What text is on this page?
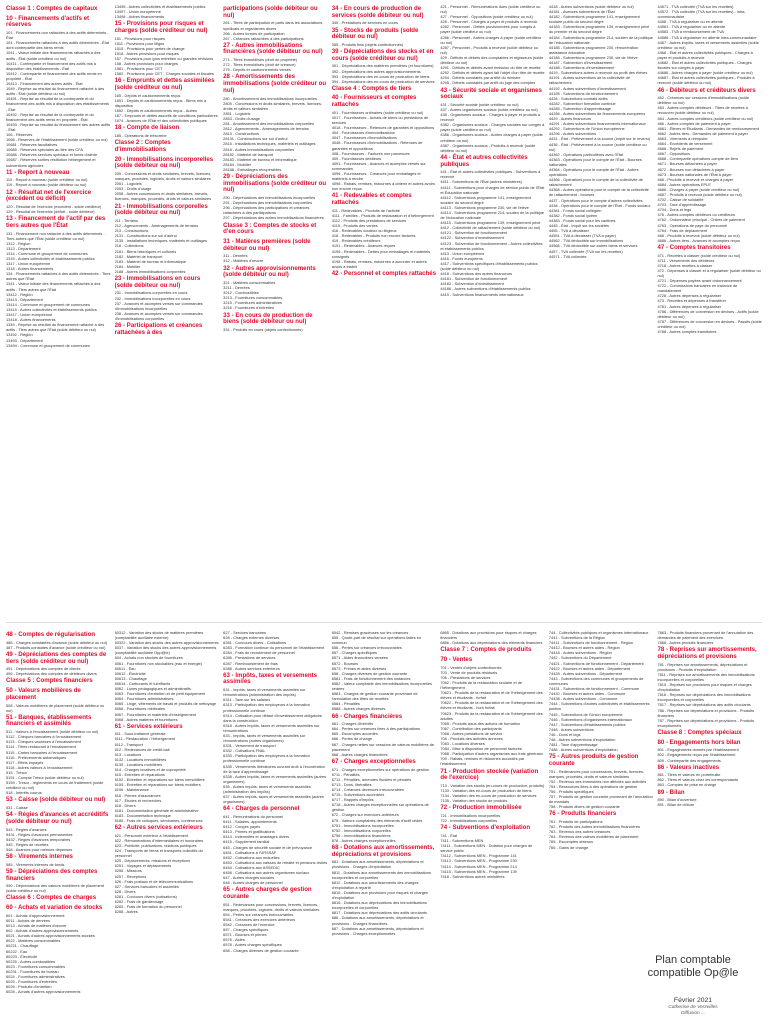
Classe 1 : Comptes de capitaux
10 - Financements d'actifs et réserves
101 - Financements non rattachés à des actifs déterminés - État
104 - Financements rattachés à des actifs déterminés - État dont contrepartie des biens remis
1041 - Valeur initiale des financements rattachés à des actifs - État (solde créditeur ou nul)
10411 - Contrepartie et financement des actifs mis à disposition des établissements - État
10412 - Contrepartie et financement des actifs remis en propriété - État
10413 - Financement des autres actifs - État
1049 - Reprise au résultat du financement rattaché à des actifs - État (solde débiteur ou nul)
10491 - Reprise au résultat de la contrepartie et du financement des actifs mis à disposition des établissements - État
10492 - Reprise au résultat de la contrepartie et du financement des actifs remis en propriété - État
10493 - Reprise au résultat du financement des autres actifs - État
106 - Réserves
1068 - Réserves de l'établissement (solde créditeur ou nul)
10681 - Réserves facultatives
10685 - Réserves spéciales au titre des CFA
10686 - Réserves services spéciaux et fonds d'alerte
10687 - Réserves sorties restitution hébergement et subventions agricoles
11 - Report à nouveau
110 - Report à nouveau (solde créditeur ou nul)
119 - Report à nouveau (solde débiteur ou nul)
12 - Résultat net de l'exercice (excédent ou déficit)
120 - Résultat de l'exercice (excédent - solde créditeur)
129 - Résultat de l'exercice (déficit - solde débiteur)
13 - Financement de l'actif par des tiers autres que l'État
131 - Financement non rattaché à des actifs déterminés - Tiers autres que l'État (solde créditeur ou nul)
1312 - Région
1313 - Département
1314 - Commune et groupement de communes
1315 - Autres collectivités et établissements publics
1317 - Union européenne
1318 - Autres financements
134 - Financements rattachés à des actifs déterminés - Tiers autres que l'État
1341 - Valeur initiale des financements rattachés à des actifs - Tiers autres que l'État
13412 - Région
13413 - Département
13414 - Commune et groupement de communes
13415 - Autres collectivités et établissements publics
13417 - Union européenne
13418 - Autres financements
1349 - Reprise au résultat du financement rattaché à des actifs - Tiers autres que l'État (solde débiteur ou nul)
13492 - Région
13493 - Département
13494 - Commune et groupement de communes
13495 - Autres collectivités et établissements publics
13497 - Union européenne
13498 - Autres financements
15 - Provisions pour risques et charges (solde créditeur ou nul)
151 - Provisions pour risques
1511 - Provisions pour litiges
1515 - Provisions pour pertes de change
1518 - Autres provisions pour risques
157 - Provisions pour gros entretien ou grandes révisions
158 - Autres provisions pour charges
1581 - Provisions pour CET
1582 - Provisions pour CET - Charges sociales et fiscales
16 - Emprunts et dettes assimilées (solde créditeur ou nul)
165 - Dépôts et cautionnements reçus
1651 - Dépôts et cautionnements reçus - Biens mis à disposition
1652 - Dépôts et cautionnements reçus - Autres
167 - Emprunts et dettes assortis de conditions particulières
1674 - Avances de l'État et des collectivités publiques
18 - Compte de liaison
185 - Opérations de trésorerie
Classe 2 : Comptes d'immobilisations
20 - Immobilisations incorporelles (solde débiteur ou nul)
205 - Concessions et droits similaires, brevets, licences, marques, procédés, logiciels, droits et valeurs similaires
2051 - Logiciels
2053 - Droits d'usage
2058 - Autres concessions et droits similaires, brevets, licences, marques, procédés, droits et valeurs similaires
21 - Immobilisations corporelles (solde débiteur ou nul)
211 - Terrains
212 - Agencements - Aménagements de terrains
213 - Constructions
2131 - Constructions sur sol d'autrui
2135 - Installations techniques, matériels et outillages
218 - Collections
2181 - Biens historiques et culturels
2182 - Matériel de transport
2183 - Matériel de bureau et informatique
2184 - Mobilier
2188 - Autres immobilisations corporelles
23 - Immobilisations en cours (solde débiteur ou nul)
231 - Immobilisations corporelles en cours
232 - Immobilisations incorporelles en cours
237 - Avances et acomptes versés sur commandes d'immobilisations incorporelles
238 - Avances et acomptes versés sur commandes d'immobilisations corporelles
26 - Participations et créances rattachées à des
participations (solde débiteur ou nul)
261 - Titres de participation et parts dans les associations, syndicats et organismes divers
266 - Autres formes de participation
267 - Créances rattachées à des participations
27 - Autres immobilisations financières (solde débiteur ou nul)
271 - Titres immobilisés (droit de propriété)
272 - Titres immobilisés (droit de créance)
275 - Dépôts et cautionnements versés
28 - Amortissements des immobilisations (solde créditeur ou nul)
280 - Amortissement des immobilisations incorporelles
2805 - Concessions et droits similaires, brevets, licences, droits et valeurs similaires
2851 - Logiciels
2853 - Droits d'usage
281 - Amortissement des immobilisations corporelles
2812 - Agencements - Aménagements de terrains
2813 - Constructions
28131 - Constructions sur sol d'autrui
2815 - Installations techniques, matériels et outillages
2818 - Autres immobilisations corporelles
28182 - Matériel de transport
28183 - Matériel de bureau et informatique
28184 - Mobilier
28188 - Emballages récupérables
29 - Dépréciations des immobilisations (solde créditeur ou nul)
290 - Dépréciations des immobilisations incorporelles
291 - Dépréciations des immobilisations corporelles
296 - Dépréciations des participations et créances rattachées à des participations
297 - Dépréciations des autres immobilisations financières
Classe 3 : Comptes de stocks et d'en cours
31 - Matières premières (solde débiteur ou nul)
311 - Denrées
312 - Matières d'œuvre
32 - Autres approvisionnements (solde débiteur ou nul)
321 - Matières consommables
3211 - Denrées
3212 - Combustibles
3213 - Fournitures consommables
3215 - Fournitures administratives
3216 - Fournitures d'entretien
33 - En cours de production de biens (solde débiteur ou nul)
331 - Produits en cours (objets confectionnés)
34 - En cours de production de services (solde débiteur ou nul)
345 - Prestations de services en cours
35 - Stocks de produits (solde débiteur ou nul)
355 - Produits finis (objets confectionnés)
39 - Dépréciations des stocks et en cours (solde créditeur ou nul)
391 - Dépréciations des matières premières (et fournitures)
392 - Dépréciations des autres approvisionnements
393 - Dépréciations des en-cours de production de biens
394 - Dépréciations des en-cours de production de services
Classe 4 : Comptes de tiers
40 - Fournisseurs et comptes rattachés
401 - Fournisseurs ordinaires (solde créditeur ou nul)
4017 - Fournisseurs - Achats de biens ou prestations de services
4018 - Fournisseurs - Retenues de garanties et oppositions
404 - Fournisseurs d'immobilisations
4047 - Fournisseurs d'immobilisations
4048 - Fournisseurs d'immobilisations - Retenues de garanties et oppositions
408 - Fournisseurs - Factures non parvenues
409 - Fournisseurs débiteurs
4091 - Fournisseurs - Avances et acomptes versés sur commandes
4096 - Fournisseurs - Créances pour emballages et matériels à rendre
4098 - Rabais, remises, ristournes à obtenir et autres avoirs non encore reçus
41 - Redevables et comptes rattachés
411 - Redevables - Produits de l'activité
4111 - Familles - Produits de restauration et d'hébergement
4112 - Produits des prestations de services
4115 - Produits des ventes
416 - Redevables douteux ou litigieux
418 - Redevables - Produits non encore facturés
419 - Redevables créditeurs
4191 - Redevables - Avances reçues
4196 - Redevables - Dettes pour emballages et matériels consignés
4198 - Rabais, remises, ristournes à accorder et autres avoirs à établir
42 - Personnel et comptes rattachés
421 - Personnel - Rémunérations dues (solde créditeur ou nul)
427 - Personnel - Oppositions (solde créditeur ou nul)
428 - Personnel - Charges à payer et produits à recevoir
4282 - Personnel - Dettes provisionnées pour congés à payer (solde créditeur ou nul)
4286 - Personnel - Autres charges à payer (solde créditeur ou nul)
4287 - Personnel - Produits à recevoir (solde débiteur ou nul)
429 - Déficits et débets des comptables et régisseurs (solde débiteur ou nul)
4291 - Déficits et débets avant émission du titre de recette
4292 - Déficits et débets ayant fait l'objet d'un titre de recette
4294 - Débets constatés par arrêté du ministre
4295 - Débets constatés par arrêt du juge des comptes
43 - Sécurité sociale et organismes sociaux
431 - Sécurité sociale (solde créditeur ou nul)
437 - Autres organismes sociaux (solde créditeur ou nul)
438 - Organismes sociaux - Charges à payer et produits à recevoir
4382 - Organismes sociaux - Charges sociales sur congés à payer (solde créditeur ou nul)
4386 - Organismes sociaux - Autres charges à payer (solde créditeur ou nul)
4387 - Organismes sociaux - Produits à recevoir (solde débiteur ou nul)
44 - État et autres collectivités publiques
441 - État et autres collectivités publiques - Subventions à recevoir
4411 - Subventions de l'État (autres ministères)
44111 - Subventions pour charges de service public de l'État et Éducation nationale
44112 - Subventions programme 141, enseignement scolaire du second degré
44113 - Subventions programme 230, vie de l'élève
44114 - Subventions programme 214, soutien de la politique de l'éducation nationale
44115 - Subventions programme 139, enseignement privé
4412 - Collectivité de rattachement (solde débiteur ou nul)
44121 - Subvention de fonctionnement
44122 - Subvention d'investissement
44123 - Subvention de fonctionnement - Autres collectivités et établissements publics
4413 - Union européenne
4416 - Fonds européens
4417 - Subventions spécifiques d'établissements publics (solde débiteur ou nul)
4418 - Subventions des autres financeurs
44181 - Subvention de fonctionnement
44182 - Subvention d'investissement
44186 - Autres subventions d'établissements publics
4419 - Subventions financements internationaux
4418 - Autres subventions (solde débiteur ou nul)
44181 - Avances subventions de l'État
44182 - Subventions programme 141, enseignement scolaire public du second degré
44183 - Subventions programme 139, enseignement privé du premier et du second degré
44184 - Subventions programme 214, soutien de la politique de l'éducation nationale
44185 - Subventions programme 230, rémunération assistance éducative
44186 - Subventions programme 230, vie de l'élève
44187 - Subvention d'investissement
44188 - Subventions d'investissement
4419 - Subventions autres à recevoir au profit des élèves
44191 - Autres subventions de la collectivité de rattachement
44192 - Autres subventions d'investissement
44195 - Subventions de fonctionnement
4428 - Subventions contrats aidés
44282 - Subvention formation continue
44285 - Subvention d'apprentissage
44286 - Autres subventions de financements européens
4429 - Autres financeurs
44291 - Autres subventions financements internationaux
44292 - Subventions de l'Union européenne
44296 - Autres subventions
4431 - État - Prélèvement à la source (impôt sur le revenu)
4436 - État - Prélèvement à la source (solde créditeur ou nul)
44362 - Opérations particulières avec l'État
44363 - Opérations pour le compte de l'État - Bourses nationales
44364 - Opérations pour le compte de l'État - Autres opérations
44366 - Opérations pour le compte de la collectivité de rattachement
44368 - Autres opérations pour le compte de la collectivité de rattachement - bourses
4437 - Opérations pour le compte d'autres collectivités
4438 - Opérations pour le compte de l'État - Fonds sociaux
44381 - Fonds social collégien
44382 - Fonds social lycéen
44383 - Fonds social pour les cantines
4445 - État - Impôt sur les sociétés
4455 - TVA à décaisser
44551 - TVA à décaisser (TVA à payer)
44562 - TVA déductible sur immobilisations
44566 - TVA déductible sur autres biens et services
4457 - TVA collectée (TVA sur les recettes)
44571 - TVA collectée
44571 - TVA collectée (TVA sur les recettes)
44572 - TVA collectée (TVA sur les recettes) - intra-communautaire
4458 - TVA à régulariser ou en attente
44581 - TVA à régulariser ou en attente
44583 - TVA à remboursement de TVA
44586 - TVA à régulariser en attente intra-communautaire
4467 - Autres impôts, taxes et versements assimilés (solde créditeur ou nul)
4468 - État et autres collectivités publiques - Charges à payer et produits à recevoir
44682 - État et autres collectivités publiques - Charges fiscales sur congés à payer
44686 - Autres charges à payer (solde créditeur ou nul)
44687 - État et autres collectivités publiques - Produits à recevoir (solde débiteur ou nul)
46 - Débiteurs et créditeurs divers
462 - Créances sur cessions d'immobilisations (solde débiteur ou nul)
463 - Autres comptes débiteurs - Titres de recettes à recouvrer (solde débiteur ou nul)
464 - Autres comptes créditeurs (solde créditeur ou nul)
466 - Autres comptes de paiement à payer
4661 - Élèves et Étudiants - Demandes de remboursement
4662 - Autres tiers - Demandes de paiement à payer
4663 - Virements à réimputer
4664 - Excédents de versement
4666 - Rejets de paiement
4667 - Oppositions
4668 - Contrepartie opérations compte de tiers
4671 - Bourses détachées à payer
4672 - Bourses non détachées à payer
4673 - Bourses nationales de l'État à payer
468 - Produits à recevoir et charges à payer
4684 - Autres opérations EPLE
4686 - Charges à payer (solde créditeur ou nul)
4687 - Produits à recevoir (solde débiteur ou nul)
4702 - Caisse de solidarité
4703 - Taxe d'apprentissage
4704 - Dons et legs
476 - Autres comptes débiteurs ou créditeurs
4762 - Ordonnateur principal - Ordres de paiement
4763 - Opérations de paye du personnel
4764 - Frais de déplacement
468 - Produits à recevoir (solde débiteur ou nul)
4686 - Autres tiers - Avances et acomptes reçus
47 - Comptes transitoires
471 - Recettes à classer (solde créditeur ou nul)
4711 - Versements des débiteurs
4718 - Autres recettes à classer
472 - Dépenses à classer et à régulariser (solde débiteur ou nul)
4721 - Dépenses payées avant ordonnancement
4722 - Commissions bancaires en instance de mandatement
4728 - Autres dépenses à régulariser
473 - Recettes et dépenses à transférer
4781 - Autres dépenses à régulariser
4786 - Différences de conversion en devises - Actifs (solde débiteur ou nul)
4787 - Différences de conversion en devises - Passifs (solde créditeur ou nul)
4788 - Autres comptes transitoires
48 - Comptes de régularisation
486 - Charges constatées d'avance (solde débiteur ou nul)
487 - Produits constatés d'avance (solde créditeur ou nul)
49 - Dépréciations des comptes de tiers (solde créditeur ou nul)
491 - Dépréciations des comptes de clients
496 - Dépréciations des comptes de débiteurs divers
Classe 5 : Comptes financiers
50 - Valeurs mobilières de placement
508 - Valeurs mobilières de placement (solde débiteur ou nul)
51 - Banques, établissements financiers et assimilés
511 - Valeurs à l'encaissement (solde débiteur ou nul)
5112 - Chèques bancaires à l'encaissement
5113 - Chèques vacances à l'encaissement
5114 - Titres restaurant à l'encaissement
5115 - Cartes bancaires à l'encaissement
5116 - Prélèvements automatiques
5117 - Effets impayés
5118 - Autres valeurs à l'encaissement
515 - Trésor
5151 - Compte Trésor (solde débiteur ou nul)
5159 - Trésor - règlements en cours de traitement (solde créditeur ou nul)
518 - Intérêts courus
53 - Caisse (solde débiteur ou nul)
531 - Caisse
54 - Régies d'avances et accréditifs (solde débiteur ou nul)
543 - Régies d'avances
5431 - Régies d'avances permanentes
5432 - Régies d'avances temporaires
545 - Régies de recettes
548 - Avances pour menues dépenses
58 - Virements internes
585 - Virements internes de fonds
59 - Dépréciations des comptes financiers
590 - Dépréciations des valeurs mobilières de placement (solde créditeur ou nul)
Classe 6 : Comptes de charges
60 - Achats et variation de stocks
601 - Achats d'approvisionnement
6011 - Achats de denrées
6013 - Achats de matières d'œuvre
602 - Achats d'autres approvisionnements
6021 - Achats d'autres approvisionnements stockés
6022 - Matières consommables
60221 - Chauffage
60222 - Eau
60223 - Électricité
60225 - Autres combustibles
6023 - Fournitures consommables
60231 - Fournitures de bureau
6024 - Fournitures administratives
6025 - Fournitures d'entretien
6026 - Produits d'entretien
6028 - Achats d'autres approvisionnements
60312 - Variation des stocks de matières premières (comptabilité auxiliaire externe)
60322 - Variation des stocks des autres approvisionnements
6037 - Variation des stocks des autres approvisionnements (comptabilité auxiliaire Opp@le)
604 - Achats non stockés de fournitures
6061 - Fournitures non stockables (eau et énergie)
60611 - Eau
60612 - Électricité
60613 - Chauffage
60614 - Carburants et lubrifiants
6062 - Livres pédagogiques et administratifs
6063 - Fournitures d'entretien et de petit équipement
6064 - Fournitures administratives
6065 - Linge, vêtements de travail et produits de nettoyage
6066 - Fournitures médicales
6067 - Fournitures et matériels d'enseignement
6068 - Autres matières et fournitures
61 - Services extérieurs
611 - Sous-traitance générale
6111 - Restauration / Hébergement
6112 - Transport
612 - Redevances de crédit-bail
613 - Locations
6132 - Locations immobilières
6135 - Locations mobilières
614 - Charges locatives et de copropriété
615 - Entretien et réparations
6152 - Entretien et réparations sur biens immobiliers
6155 - Entretien et réparations sur biens mobiliers
6156 - Maintenance
616 - Primes d'assurances
617 - Études et recherches
618 - Divers
6181 - Documentation générale et administrative
6183 - Documentation technique
6185 - Frais de colloques, séminaires, conférences
62 - Autres services extérieurs
621 - Personnel extérieur à l'établissement
622 - Rémunérations d'intermédiaires et honoraires
623 - Publicité, publications, relations publiques
624 - Transports de biens et transports collectifs du personnel
625 - Déplacements, missions et réceptions
6251 - Voyages et déplacements
6256 - Missions
6257 - Réceptions
626 - Frais postaux et de télécommunications
627 - Services bancaires et assimilés
628 - Divers
6281 - Concours divers (cotisations)
6282 - Frais de gardiennage
6283 - Frais de formation du personnel
6288 - Autres
627 - Services bancaires
628 - Charges externes diverses
6281 - Concours divers - Cotisations
6283 - Formation continue du personnel de l'établissement
6284 - Frais de recrutement de personnel
6286 - Prestations de services
6287 - Remboursement de frais
6288 - Autres services extérieurs
63 - Impôts, taxes et versements assimilés
631 - Impôts, taxes et versements assimilés sur rémunérations (administration des impôts)
6311 - Taxe sur les salaires
6313 - Participation des employeurs à la formation professionnelle continue
6314 - Cotisation pour défaut d'investissement obligatoire dans la construction
6318 - Autres impôts, taxes et versements assimilés sur rémunérations
633 - Impôts, taxes et versements assimilés sur rémunérations (autres organismes)
6331 - Versement de transport
6332 - Cotisations FNAL
6333 - Participation des employeurs à la formation professionnelle continue
6335 - Versements libératoires ouvrant droit à l'exonération de la taxe d'apprentissage
6338 - Autres impôts, taxes et versements assimilés (autres organismes)
635 - Autres impôts, taxes et versements assimilés (administration des impôts)
637 - Autres impôts, taxes et versements assimilés (autres organismes)
64 - Charges de personnel
641 - Rémunérations du personnel
6411 - Salaires, appointements
6412 - Congés payés
6413 - Primes et gratifications
6414 - Indemnités et avantages divers
6415 - Supplément familial
645 - Charges de sécurité sociale et de prévoyance
6451 - Cotisations à l'URSSAF
6452 - Cotisations aux mutuelles
6453 - Cotisations aux caisses de retraite et pensions civiles
6454 - Cotisations aux ASSEDIC
6458 - Cotisations aux autres organismes sociaux
647 - Autres charges sociales
648 - Autres charges de personnel
65 - Autres charges de gestion courante
651 - Redevances pour concessions, brevets, licences, marques, procédés, logiciels, droits et valeurs similaires
654 - Pertes sur créances irrécouvrables
6541 - Créances des exercices antérieurs
6542 - Créances de l'exercice
657 - Charges spécifiques
6571 - Bourses et primes
6576 - Aides
6578 - Autres charges spécifiques
658 - Charges diverses de gestion courante
6542 - Remises gracieuses sur les créances
655 - Quote-part de résultat sur opérations faites en commun
656 - Pertes sur créances irrécouvrables
657 - Charges spécifiques
6571 - Aides financières versées
6572 - Bourses
6573 - Primes et aides diverses
658 - Charges diverses de gestion courante
6581 - Frais de fonctionnement des instances
6582 - Valeur comptable des immobilisations incorporelles cédées
6583 - Charges de gestion courante provenant de l'annulation des titres de recettes
6584 - Pénalités
6588 - Autres charges diverses
66 - Charges financières
661 - Charges d'intérêts
664 - Pertes sur créances liées à des participations
665 - Escomptes accordés
666 - Pertes de change
667 - Charges nettes sur cessions de valeurs mobilières de placement
668 - Autres charges financières
67 - Charges exceptionnelles
671 - Charges exceptionnelles sur opérations de gestion
6711 - Pénalités
6712 - Pénalités, amendes fiscales et pénales
6713 - Dons, libéralités
6714 - Créances devenues irrécouvrables
6715 - Subventions accordées
6717 - Rappels d'impôts
6718 - Autres charges exceptionnelles sur opérations de gestion
672 - Charges sur exercices antérieurs
675 - Valeurs comptables des éléments d'actif cédés
6751 - Immobilisations incorporelles
6752 - Immobilisations corporelles
6756 - Immobilisations financières
678 - Autres charges exceptionnelles
68 - Dotations aux amortissements, dépréciations et provisions
681 - Dotations aux amortissements, dépréciations et provisions - Charges d'exploitation
6811 - Dotations aux amortissements des immobilisations incorporelles et corporelles
6812 - Dotations aux amortissements des charges d'exploitation à répartir
6815 - Dotations aux provisions pour risques et charges d'exploitation
6816 - Dotations aux dépréciations des immobilisations incorporelles et corporelles
6817 - Dotations aux dépréciations des actifs circulants
686 - Dotations aux amortissements, dépréciations et provisions - Charges financières
687 - Dotations aux amortissements, dépréciations et provisions - Charges exceptionnelles
6865 - Dotations aux provisions pour risques et charges financiers
6866 - Dotations aux dépréciations des éléments financiers
Classe 7 : Comptes de produits
70 - Ventes
701 - Ventes d'objets confectionnés
703 - Vente de produits résiduels
706 - Prestations de services
7062 - Produits de la restauration scolaire et de l'hébergement
70621 - Produits de la restauration et de l'hébergement des élèves et étudiants - forfait
70622 - Produits de la restauration et de l'hébergement des élèves et étudiants - hors forfait
70623 - Produits de la restauration et de l'hébergement des adultes
7065 - Produits issus des actions de formation
7067 - Contribution des participants
7068 - Autres prestations de service
708 - Produits des activités annexes
7083 - Locations diverses
7084 - Mise à disposition de personnel facturée
7088 - Participation d'autres organismes aux frais généraux
709 - Rabais, remises et ristournes accordés par l'établissement
71 - Production stockée (variation de l'exercice)
713 - Variation des stocks (en-cours de production, produits)
7133 - Variation des en-cours de production de biens
7134 - Variation des en-cours de production de services
7135 - Variation des stocks de produits
72 - Production immobilisée
721 - Immobilisations incorporelles
722 - Immobilisations corporelles
74 - Subventions d'exploitation
741 - État
7411 - Subventions MEN
74111 - Subventions MEN - Dotation pour charges de service public
74112 - Subventions MEN - Programme 141
74113 - Subventions MEN - Programme 230
74114 - Subventions MEN - Programme 214
74115 - Subventions MEN - Programme 139
7418 - Subventions autres ministères
744 - Collectivités publiques et organismes internationaux
7441 - Subventions de la Région
74411 - Subventions de fonctionnement - Région
74412 - Bourses et autres aides - Région
74418 - Autres subventions - Région
7442 - Subventions du Département
74421 - Subventions de fonctionnement - Département
74422 - Bourses et autres aides - Département
74428 - Autres subventions - Département
7443 - Subventions des communes et groupements de communes
74431 - Subventions de fonctionnement - Commune
74432 - Bourses et autres aides - Commune
74438 - Autres subventions - Commune
7444 - Subventions d'autres collectivités et établissements publics
7445 - Subventions de l'Union européenne
7446 - Subventions d'organismes internationaux
7447 - Subventions d'établissements publics
7448 - Autres subventions
746 - Dons et legs
748 - Autres subventions d'exploitation
7481 - Taxe d'apprentissage
7488 - Autres subventions d'exploitation
75 - Autres produits de gestion courante
751 - Redevances pour concessions, brevets, licences, marques, procédés, droits et valeurs similaires
752 - Revenus des immeubles non affectés aux activités
754 - Ressources liées à des opérations de gestion
756 - Produits spécifiques
757 - Produits de gestion courante provenant de l'annulation de mandats
758 - Produits divers de gestion courante
76 - Produits financiers
761 - Produits de participations
762 - Produits des autres immobilisations financières
763 - Revenus des autres créances
764 - Revenus des valeurs mobilières de placement
765 - Escomptes obtenus
766 - Gains de change
7863 - Produits financiers provenant de l'annulation des demandes de paiement des exercices
7868 - Autres produits financiers
78 - Reprises sur amortissements, dépréciations et provisions
781 - Reprises sur amortissements, dépréciations et provisions - Produits d'exploitation
7811 - Reprises sur amortissements des immobilisations incorporelles et corporelles
7815 - Reprises sur provisions pour risques et charges d'exploitation
7816 - Reprises sur dépréciations des immobilisations incorporelles et corporelles
7817 - Reprises sur dépréciations des actifs circulants
786 - Reprises sur dépréciations et provisions - Produits financiers
787 - Reprises sur dépréciations et provisions - Produits exceptionnels
Classe 8 : Comptes spéciaux
80 - Engagements hors bilan
801 - Engagements donnés par l'établissement
802 - Engagements reçus par l'établissement
809 - Contrepartie des engagements
86 - Valeurs inactives
861 - Titres et valeurs en portefeuille
862 - Titres et valeurs chez les correspondants
863 - Comptes de prise en charge
89 - Bilan
890 - Bilan d'ouverture
891 - Bilan de clôture
Plan comptable
compatible Op@le
Février 2021
Catherine de Verzeilles
Diffusion ...
